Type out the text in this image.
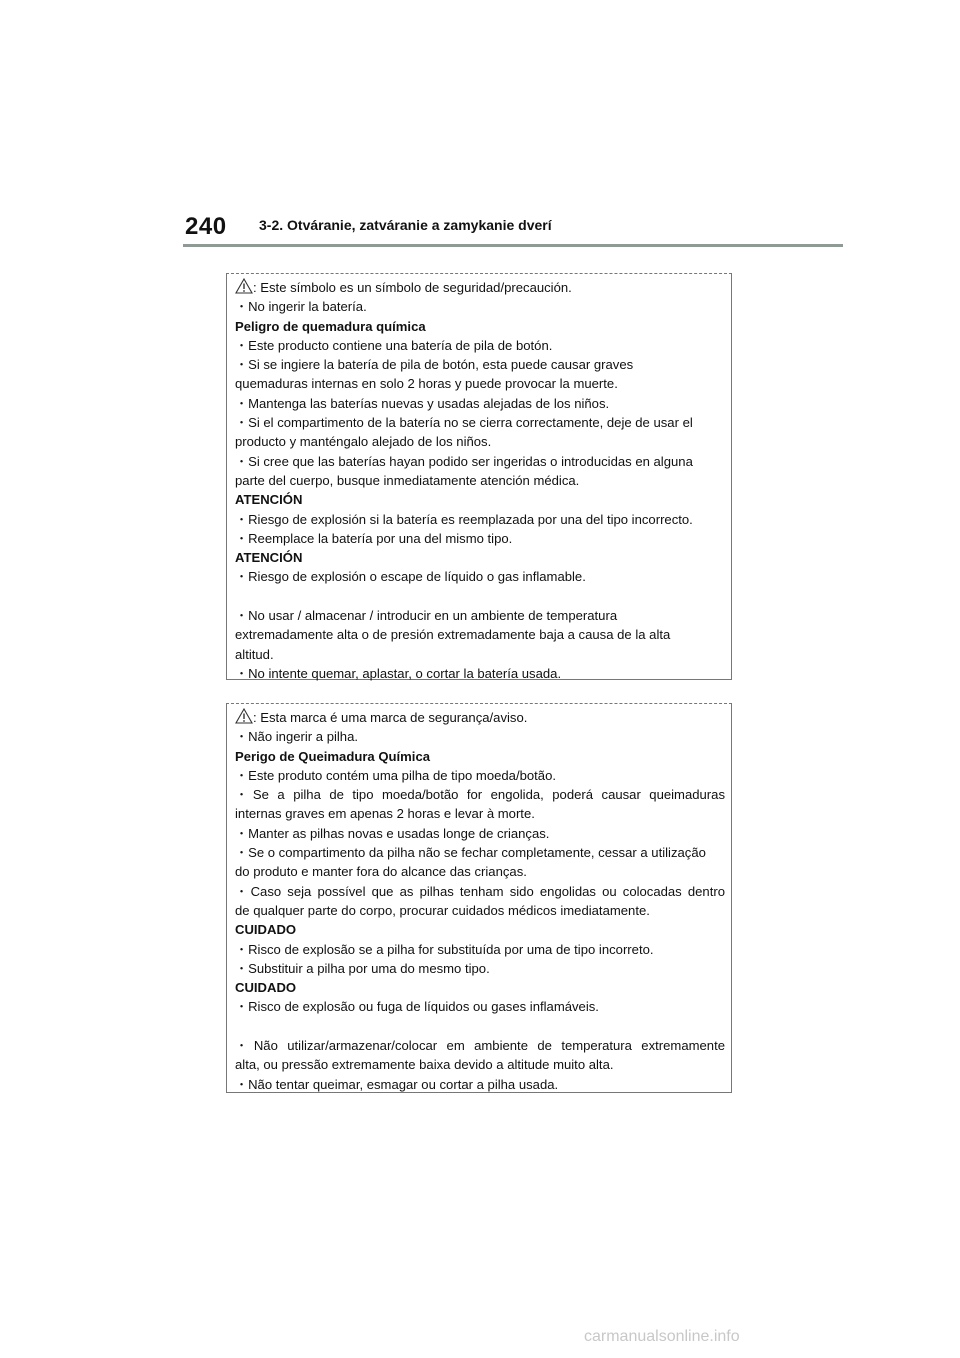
240 3-2. Otváranie, zatváranie a zamykanie dverí
: Este símbolo es un símbolo de seguridad/precaución.
・No ingerir la batería.
Peligro de quemadura química
・Este producto contiene una batería de pila de botón.
・Si se ingiere la batería de pila de botón, esta puede causar graves
quemaduras internas en solo 2 horas y puede provocar la muerte.
・Mantenga las baterías nuevas y usadas alejadas de los niños.
・Si el compartimento de la batería no se cierra correctamente, deje de usar el
producto y manténgalo alejado de los niños.
・Si cree que las baterías hayan podido ser ingeridas o introducidas en alguna
parte del cuerpo, busque inmediatamente atención médica.
ATENCIÓN
・Riesgo de explosión si la batería es reemplazada por una del tipo incorrecto.
・Reemplace la batería por una del mismo tipo.
ATENCIÓN
・Riesgo de explosión o escape de líquido o gas inflamable.
・No usar / almacenar / introducir en un ambiente de temperatura
extremadamente alta o de presión extremadamente baja a causa de la alta
altitud.
・No intente quemar, aplastar, o cortar la batería usada.
: Esta marca é uma marca de segurança/aviso.
・Não ingerir a pilha.
Perigo de Queimadura Química
・Este produto contém uma pilha de tipo moeda/botão.
・Se a pilha de tipo moeda/botão for engolida, poderá causar queimaduras
internas graves em apenas 2 horas e levar à morte.
・Manter as pilhas novas e usadas longe de crianças.
・Se o compartimento da pilha não se fechar completamente, cessar a utilização
do produto e manter fora do alcance das crianças.
・Caso seja possível que as pilhas tenham sido engolidas ou colocadas dentro
de qualquer parte do corpo, procurar cuidados médicos imediatamente.
CUIDADO
・Risco de explosão se a pilha for substituída por uma de tipo incorreto.
・Substituir a pilha por uma do mesmo tipo.
CUIDADO
・Risco de explosão ou fuga de líquidos ou gases inflamáveis.
・Não utilizar/armazenar/colocar em ambiente de temperatura extremamente
alta, ou pressão extremamente baixa devido a altitude muito alta.
・Não tentar queimar, esmagar ou cortar a pilha usada.
carmanualsonline.info
